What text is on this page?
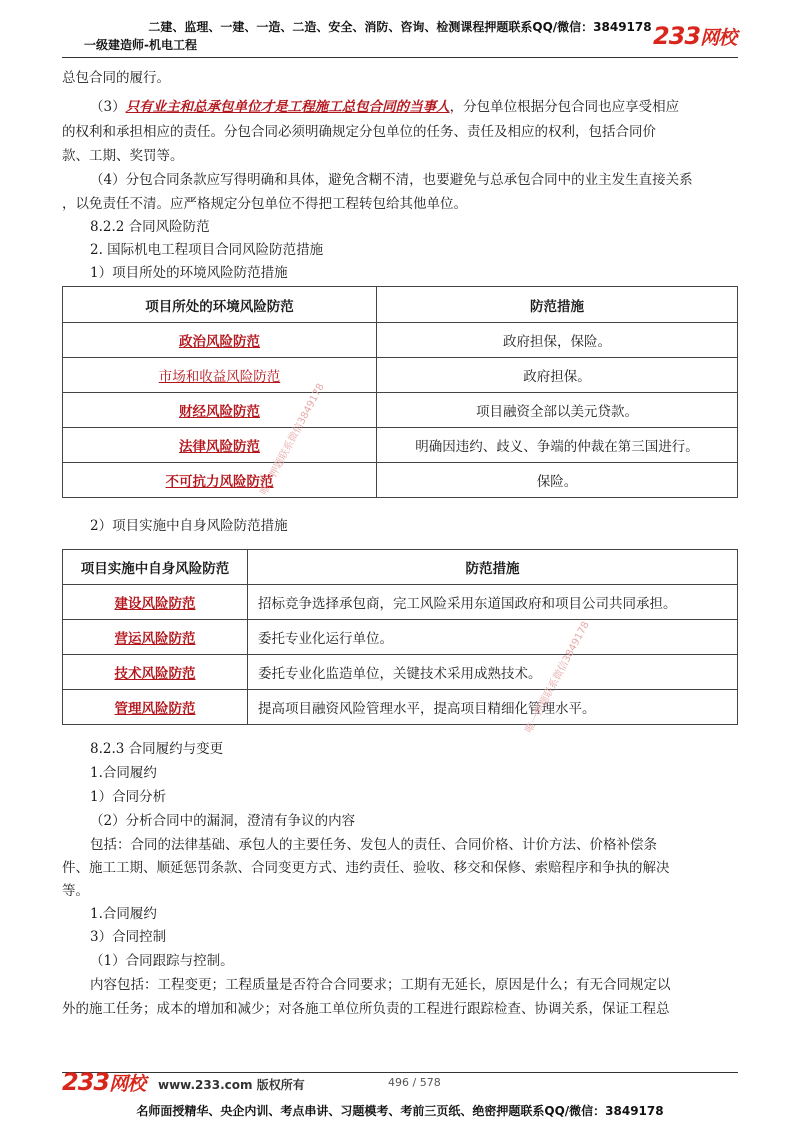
二建、监理、一建、一造、二造、安全、消防、咨询、检测课程押题联系QQ/微信：3849178
一级建造师-机电工程	233网校
总包合同的履行。
（3）只有业主和总承包单位才是工程施工总包合同的当事人，分包单位根据分包合同也应享受相应
的权利和承担相应的责任。分包合同必须明确规定分包单位的任务、责任及相应的权利，包括合同价
款、工期、奖罚等。
（4）分包合同条款应写得明确和具体，避免含糊不清，也要避免与总承包合同中的业主发生直接关系
，以免责任不清。应严格规定分包单位不得把工程转包给其他单位。
8.2.2 合同风险防范
2. 国际机电工程项目合同风险防范措施
1）项目所处的环境风险防范措施
项目所处的环境风险防范	防范措施
政治风险防范	政府担保，保险。
市场和收益风险防范	政府担保。
财经风险防范	项目融资全部以美元贷款。
法律风险防范	明确因违约、歧义、争端的仲裁在第三国进行。
不可抗力风险防范	保险。
2）项目实施中自身风险防范措施
项目实施中自身风险防范	防范措施
建设风险防范	招标竞争选择承包商，完工风险采用东道国政府和项目公司共同承担。
营运风险防范	委托专业化运行单位。
技术风险防范	委托专业化监造单位，关键技术采用成熟技术。
管理风险防范	提高项目融资风险管理水平，提高项目精细化管理水平。
8.2.3 合同履约与变更
1.合同履约
1）合同分析
（2）分析合同中的漏洞，澄清有争议的内容
包括：合同的法律基础、承包人的主要任务、发包人的责任、合同价格、计价方法、价格补偿条
件、施工工期、顺延惩罚条款、合同变更方式、违约责任、验收、移交和保修、索赔程序和争执的解决
等。
1.合同履约
3）合同控制
（1）合同跟踪与控制。
内容包括：工程变更；工程质量是否符合合同要求；工期有无延长，原因是什么；有无合同规定以
外的施工任务；成本的增加和减少；对各施工单位所负责的工程进行跟踪检查、协调关系，保证工程总
唯一押题联系微信3849178
唯一押题联系微信3849178
233网校 www.233.com 版权所有	496 / 578
名师面授精华、央企内训、考点串讲、习题模考、考前三页纸、绝密押题联系QQ/微信：3849178
